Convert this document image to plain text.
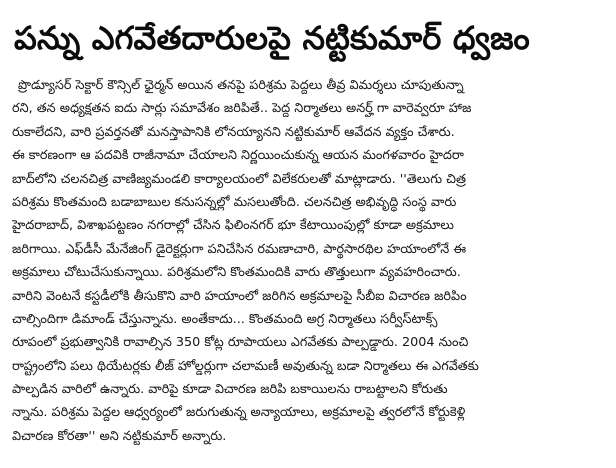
పన్ను ఎగవేతదారులపై నట్టికుమార్ ధ్వజం
ప్రొడ్యూసర్ సెక్టార్ కౌన్సిల్ ఛైర్మన్ అయిన తనపై పరిశ్రమ పెద్దలు తీవ్ర విమర్శలు చూపుతున్నా
రని, తన అధ్యక్షతన ఐదు సార్లు సమావేశం జరిపితే.. పెద్ద నిర్మాతలు అనర్హ్ గా వారెవ్వరూ హాజ
రుకాలేదని, వారి ప్రవర్తనతో మనస్తాపానికి లోనయ్యానని నట్టికుమార్ ఆవేదన వ్యక్తం చేశారు.
ఈ కారణంగా ఆ పదవికి రాజీనామా చేయాలని నిర్ణయించుకున్న ఆయన మంగళవారం హైదరా
బాద్‌లోని చలనచిత్ర వాణిజ్యమండలి కార్యాలయంలో విలేకరులతో మాట్లాడారు. ''తెలుగు చిత్ర
పరిశ్రమ కొంతమంది బడాబాబుల కనుసన్నల్లో మసలుతోంది. చలనచిత్ర అభివృద్ధి సంస్థ వారు
హైదరాబాద్, విశాఖపట్టణం నగరాల్లో చేసిన ఫిలింనగర్ భూ కేటాయింపుల్లో కూడా అక్రమాలు
జరిగాయి. ఎఫ్‌డీసీ మేనేజింగ్ డైరెక్టర్లుగా పనిచేసిన రమణాచారి, పార్థసారథిల హయాంలోనే ఈ
అక్రమాలు చోటుచేసుకున్నాయి. పరిశ్రమలోని కొంతమందికి వారు తొత్తులుగా వ్యవహరించారు.
వారిని వెంటనే కస్టడీలోకి తీసుకొని వారి హయాంలో జరిగిన అక్రమాలపై సీబీఐ విచారణ జరిపిం
చాల్సిందిగా డిమాండ్ చేస్తున్నాను. అంతేకాదు... కొంతమంది అగ్ర నిర్మాతలు సర్వీస్‌టాక్స్
రూపంలో ప్రభుత్వానికి రావాల్సిన 350 కోట్ల రూపాయలు ఎగవేతకు పాల్పడ్డారు. 2004 నుంచి
రాష్ట్రంలోని పలు థియేటర్లకు లీజ్ హోల్డర్లుగా చలామణీ అవుతున్న బడా నిర్మాతలు ఈ ఎగవేతకు
పాల్పడిన వారిలో ఉన్నారు. వారిపై కూడా విచారణ జరిపి బకాయిలను రాబట్టాలని కోరుతు
న్నాను. పరిశ్రమ పెద్దల ఆధ్వర్యంలో జరుగుతున్న అన్యాయాలు, అక్రమాలపై త్వరలోనే కోర్టుకెళ్లి
విచారణ కోరతా'' అని నట్టికుమార్ అన్నారు.
